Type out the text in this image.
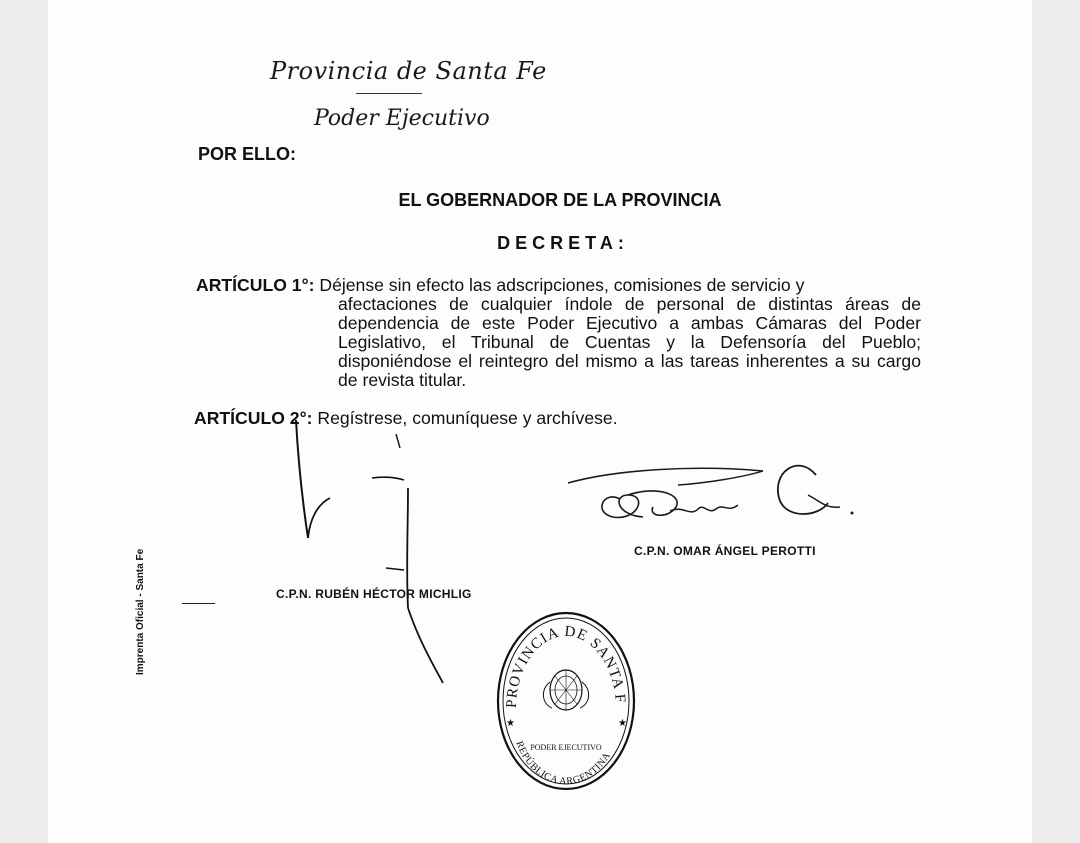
Provincia de Santa Fe
Poder Ejecutivo
POR ELLO:
EL GOBERNADOR DE LA PROVINCIA
DECRETA:

ARTÍCULO 1°: Déjense sin efecto las adscripciones, comisiones de servicio y
afectaciones de cualquier índole de personal de distintas áreas de dependencia de este Poder Ejecutivo a ambas Cámaras del Poder Legislativo, el Tribunal de Cuentas y la Defensoría del Pueblo; disponiéndose el reintegro del mismo a las tareas inherentes a su cargo de revista titular.

ARTÍCULO 2°: Regístrese, comuníquese y archívese.

C.P.N. OMAR ÁNGEL PEROTTI
C.P.N. RUBÉN HÉCTOR MICHLIG
Imprenta Oficial - Santa Fe
PROVINCIA DE SANTA FE
REPÚBLICA ARGENTINA
PODER EJECUTIVO
★	★
